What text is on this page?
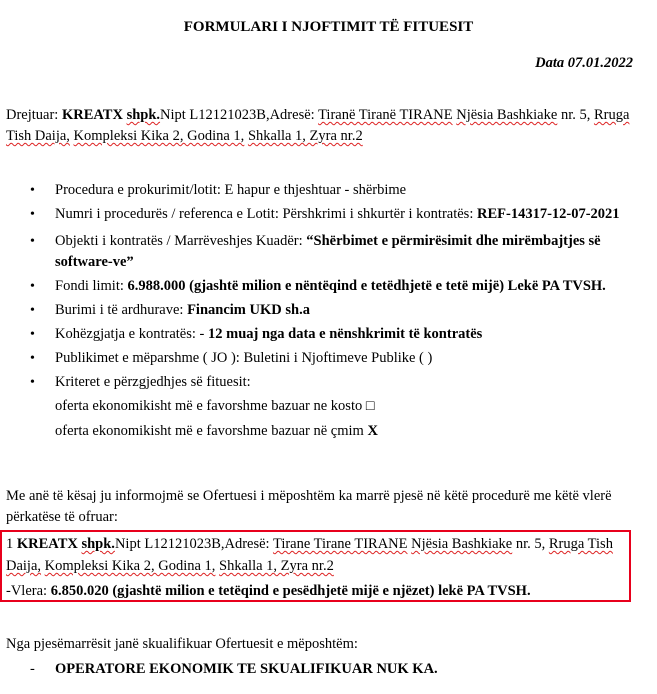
FORMULARI I NJOFTIMIT TË FITUESIT
Data 07.01.2022
Drejtuar: KREATX shpk.Nipt L12121023B,Adresë: Tiranë Tiranë TIRANE Njësia Bashkiake nr. 5, Rruga Tish Daija, Kompleksi Kika 2, Godina 1, Shkalla 1, Zyra nr.2
• Procedura e prokurimit/lotit: E hapur e thjeshtuar - shërbime
• Numri i procedurës / referenca e Lotit: Përshkrimi i shkurtër i kontratës: REF-14317-12-07-2021
• Objekti i kontratës / Marrëveshjes Kuadër: “Shërbimet e përmirësimit dhe mirëmbajtjes së software-ve”
• Fondi limit: 6.988.000 (gjashtë milion e nëntëqind e tetëdhjetë e tetë mijë) Lekë PA TVSH.
• Burimi i të ardhurave: Financim UKD sh.a
• Kohëzgjatja e kontratës: - 12 muaj nga data e nënshkrimit të kontratës
• Publikimet e mëparshme ( JO ): Buletini i Njoftimeve Publike ( )
• Kriteret e përzgjedhjes së fituesit:
oferta ekonomikisht më e favorshme bazuar ne kosto □
oferta ekonomikisht më e favorshme bazuar në çmim X
Me anë të kësaj ju informojmë se Ofertuesi i mëposhtëm ka marrë pjesë në këtë procedurë me këtë vlerë përkatëse të ofruar:
1 KREATX shpk.Nipt L12121023B,Adresë: Tirane Tirane TIRANE Njësia Bashkiake nr. 5, Rruga Tish Daija, Kompleksi Kika 2, Godina 1, Shkalla 1, Zyra nr.2
-Vlera: 6.850.020 (gjashtë milion e tetëqind e pesëdhjetë mijë e njëzet) lekë PA TVSH.
Nga pjesëmarrësit janë skualifikuar Ofertuesit e mëposhtëm:
- OPERATORE EKONOMIK TE SKUALIFIKUAR NUK KA.
